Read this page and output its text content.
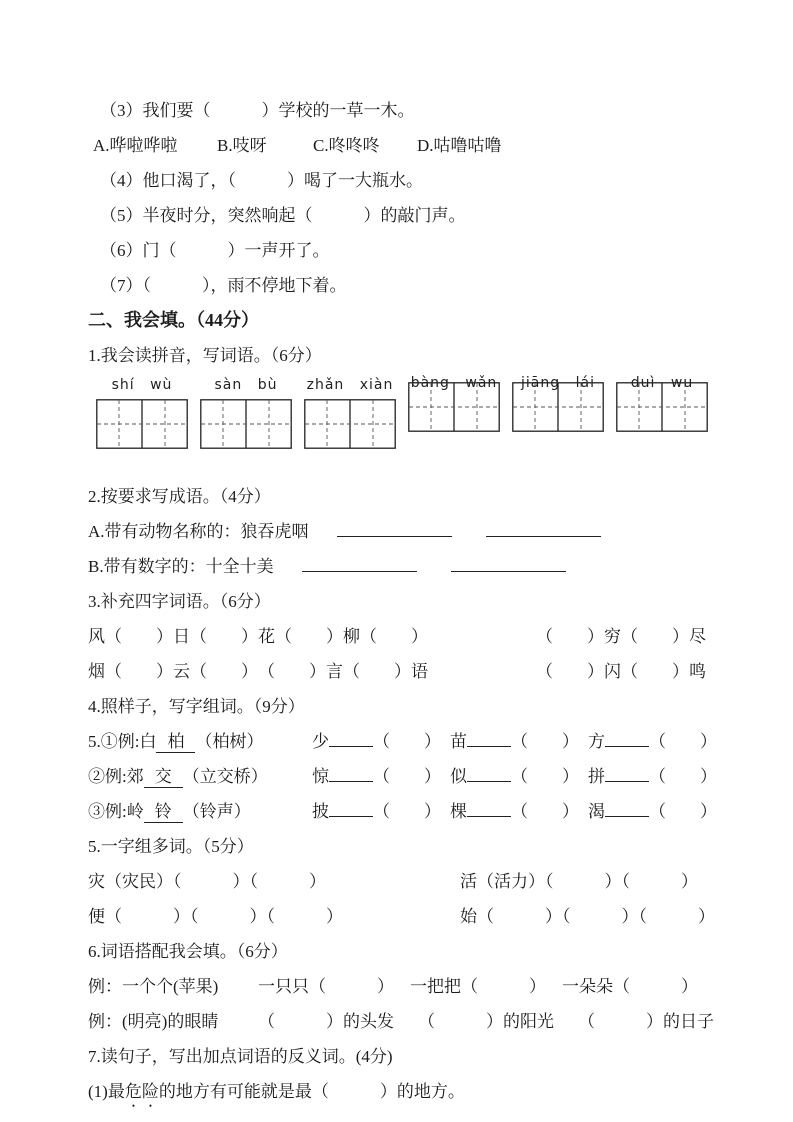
（3）我们要（　　　）学校的一草一木。
A.哗啦哗啦	B.吱呀	C.咚咚咚	D.咕噜咕噜
（4）他口渴了，（　　　）喝了一大瓶水。
（5）半夜时分，突然响起（　　　）的敲门声。
（6）门（　　　）一声开了。
（7）（　　　），雨不停地下着。
二、我会填。（44分）
1.我会读拼音，写词语。（6分）
shí wù	sàn bù	zhǎn xiàn	bàng wǎn	jiāng lái	duì wu
2.按要求写成语。（4分）
A.带有动物名称的：狼吞虎咽
B.带有数字的：十全十美
3.补充四字词语。（6分）
风（　　）日（　　） 花（　　）柳（　　）	（　　）穷（　　）尽
烟（　　）云（　　） （　　）言（　　）语	（　　）闪（　　）鸣
4.照样子，写字组词。（9分）
5.①例:白 柏 （柏树）	少	（　　） 苗	（　　） 方	（　　）
②例:郊 交 （立交桥）	惊	（　　） 似	（　　） 拼	（　　）
③例:岭 铃 （铃声）	披	（　　） 棵	（　　） 渴	（　　）
5.一字组多词。（5分）
灾（灾民）（　　　）（　　　）	活（活力）（　　　）（　　　）
便（　　　）（　　　）（　　　）	始（　　　）（　　　）（　　　）
6.词语搭配我会填。（6分）
例：一个个(苹果)	一只只（　　　） 一把把（　　　） 一朵朵（　　　）
例：(明亮)的眼睛	（　　　）的头发	（　　　）的阳光	（　　　）的日子
7.读句子，写出加点词语的反义词。(4分)
(1)最危险的地方有可能就是最（　　　）的地方。
